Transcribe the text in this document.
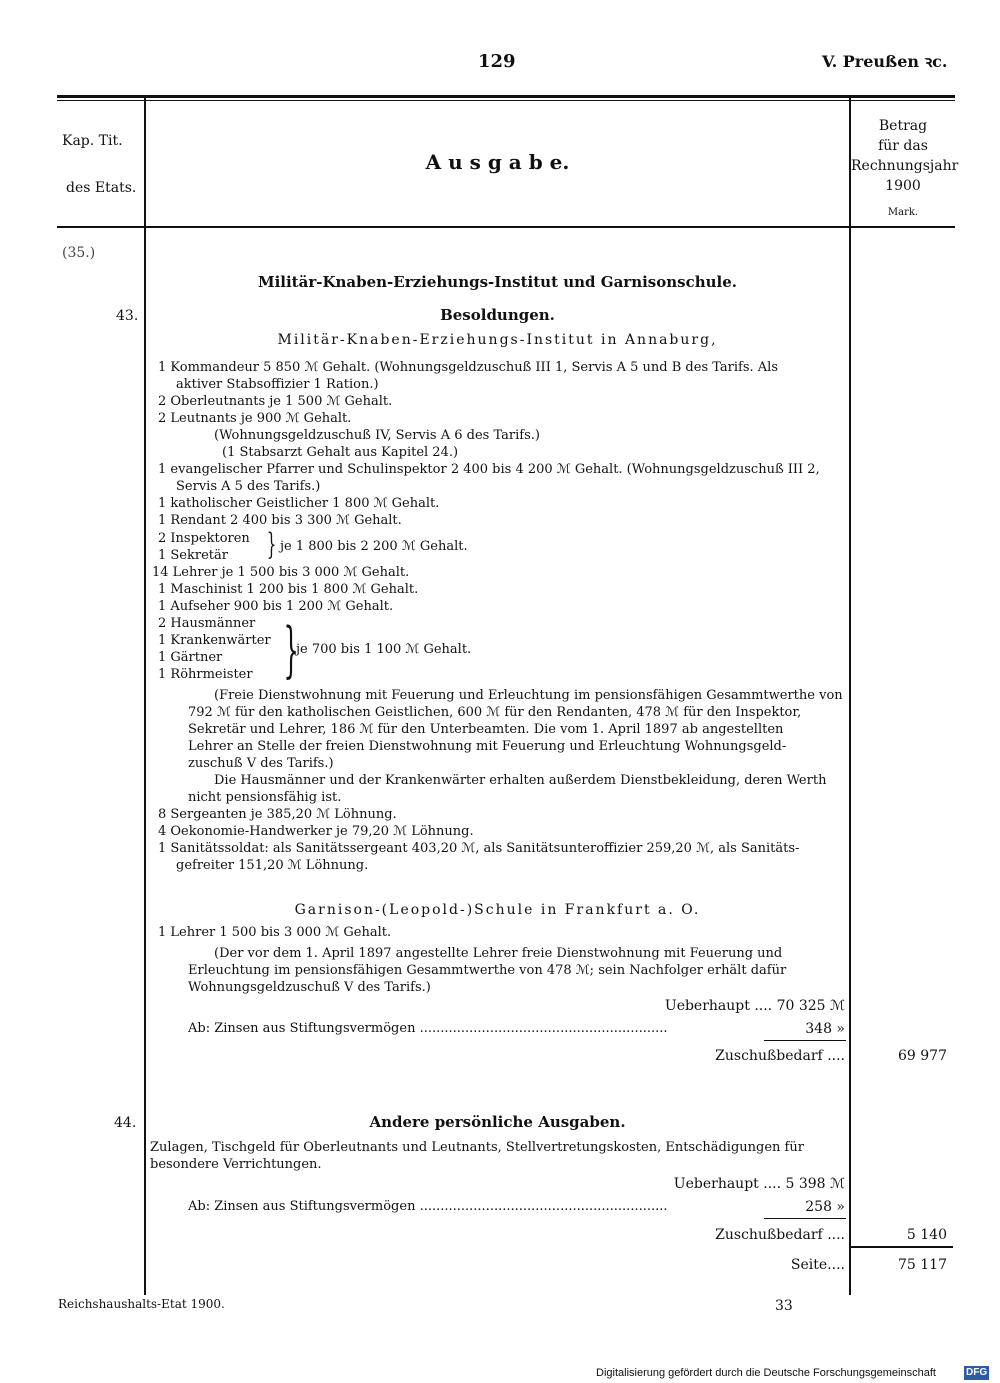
129	V. Preußen ꝛc.
Kap. Tit.
des Etats.
A u s g a b e.
Betrag
für das
Rechnungsjahr
1900
Mark.
(35.)
Militär-Knaben-Erziehungs-Institut und Garnisonschule.
43.	Besoldungen.
Militär-Knaben-Erziehungs-Institut in Annaburg,
1 Kommandeur 5 850 ℳ Gehalt. (Wohnungsgeldzuschuß III 1, Servis A 5 und B des Tarifs. Als
aktiver Stabsoffizier 1 Ration.)
2 Oberleutnants je 1 500 ℳ Gehalt.
2 Leutnants je 900 ℳ Gehalt.
(Wohnungsgeldzuschuß IV, Servis A 6 des Tarifs.)
(1 Stabsarzt Gehalt aus Kapitel 24.)
1 evangelischer Pfarrer und Schulinspektor 2 400 bis 4 200 ℳ Gehalt. (Wohnungsgeldzuschuß III 2,
Servis A 5 des Tarifs.)
1 katholischer Geistlicher 1 800 ℳ Gehalt.
1 Rendant 2 400 bis 3 300 ℳ Gehalt.
2 Inspektoren
1 Sekretär } je 1 800 bis 2 200 ℳ Gehalt.
14 Lehrer je 1 500 bis 3 000 ℳ Gehalt.
1 Maschinist 1 200 bis 1 800 ℳ Gehalt.
1 Aufseher 900 bis 1 200 ℳ Gehalt.
2 Hausmänner
1 Krankenwärter
1 Gärtner
1 Röhrmeister }
je 700 bis 1 100 ℳ Gehalt.
(Freie Dienstwohnung mit Feuerung und Erleuchtung im pensionsfähigen Gesammtwerthe von
792 ℳ für den katholischen Geistlichen, 600 ℳ für den Rendanten, 478 ℳ für den Inspektor,
Sekretär und Lehrer, 186 ℳ für den Unterbeamten. Die vom 1. April 1897 ab angestellten
Lehrer an Stelle der freien Dienstwohnung mit Feuerung und Erleuchtung Wohnungsgeld-
zuschuß V des Tarifs.)
Die Hausmänner und der Krankenwärter erhalten außerdem Dienstbekleidung, deren Werth
nicht pensionsfähig ist.
8 Sergeanten je 385,20 ℳ Löhnung.
4 Oekonomie-Handwerker je 79,20 ℳ Löhnung.
1 Sanitätssoldat: als Sanitätssergeant 403,20 ℳ, als Sanitätsunteroffizier 259,20 ℳ, als Sanitäts-
gefreiter 151,20 ℳ Löhnung.
Garnison-(Leopold-)Schule in Frankfurt a. O.
1 Lehrer 1 500 bis 3 000 ℳ Gehalt.
(Der vor dem 1. April 1897 angestellte Lehrer freie Dienstwohnung mit Feuerung und
Erleuchtung im pensionsfähigen Gesammtwerthe von 478 ℳ; sein Nachfolger erhält dafür
Wohnungsgeldzuschuß V des Tarifs.)
Ueberhaupt .... 70 325 ℳ
Ab: Zinsen aus Stiftungsvermögen ............................................................	348 »
Zuschußbedarf ....	69 977
44.	Andere persönliche Ausgaben.
Zulagen, Tischgeld für Oberleutnants und Leutnants, Stellvertretungskosten, Entschädigungen für
besondere Verrichtungen.
Ueberhaupt .... 5 398 ℳ
Ab: Zinsen aus Stiftungsvermögen ............................................................	258 »
Zuschußbedarf ....	5 140
Seite....	75 117
Reichshaushalts-Etat 1900.	33
Digitalisierung gefördert durch die Deutsche Forschungsgemeinschaft	DFG
